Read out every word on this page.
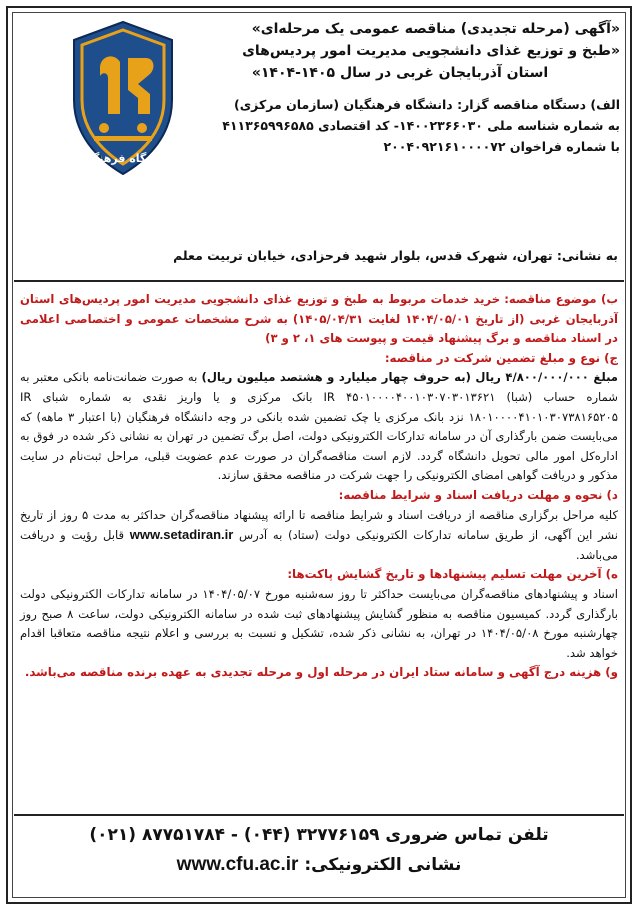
دانشگاه فرهنگیان
«آگهی (مرحله تجدیدی) مناقصه عمومی یک مرحله‌ای»
«طبخ و توزیع غذای دانشجویی مدیریت امور پردیس‌های
استان آذربایجان غربی در سال ۱۴۰۵-۱۴۰۴»
الف) دستگاه مناقصه گزار: دانشگاه فرهنگیان (سازمان مرکزی)
به شماره شناسه ملی ۱۴۰۰۲۳۶۶۰۳۰- کد اقتصادی ۴۱۱۳۶۵۹۹۶۵۸۵
با شماره فراخوان ۲۰۰۴۰۹۲۱۶۱۰۰۰۰۷۲
به نشانی: تهران، شهرک قدس، بلوار شهید فرحزادی، خیابان تربیت معلم

ب) موضوع مناقصه: خرید خدمات مربوط به طبخ و توزیع غذای دانشجویی مدیریت امور پردیس‌های استان آذربایجان غربی (از تاریخ ۱۴۰۴/۰۵/۰۱ لغایت ۱۴۰۵/۰۴/۳۱) به شرح مشخصات عمومی و اختصاصی اعلامی در اسناد مناقصه و برگ پیشنهاد قیمت و پیوست های ۱، ۲ و ۳)

ج) نوع و مبلغ تضمین شرکت در مناقصه:

مبلغ ۴/۸۰۰/۰۰۰/۰۰۰ ریال (به حروف چهار میلیارد و هشتصد میلیون ریال) به صورت ضمانت‌نامه بانکی معتبر به شماره حساب (شبا) IR ۴۵۰۱۰۰۰۰۴۰۰۱۰۳۰۷۰۳۰۱۳۶۲۱ بانک مرکزی و یا واریز نقدی به شماره شبای IR ۱۸۰۱۰۰۰۰۴۱۰۱۰۳۰۷۳۸۱۶۵۲۰۵ نزد بانک مرکزی یا چک تضمین شده بانکی در وجه دانشگاه فرهنگیان (با اعتبار ۳ ماهه) که می‌بایست ضمن بارگذاری آن در سامانه تدارکات الکترونیکی دولت، اصل برگ تضمین در تهران به نشانی ذکر شده در فوق به اداره‌کل امور مالی تحویل دانشگاه گردد. لازم است مناقصه‌گران در صورت عدم عضویت قبلی، مراحل ثبت‌نام در سایت مذکور و دریافت گواهی امضای الکترونیکی را جهت شرکت در مناقصه محقق سازند.

د) نحوه و مهلت دریافت اسناد و شرایط مناقصه:

کلیه مراحل برگزاری مناقصه از دریافت اسناد و شرایط مناقصه تا ارائه پیشنهاد مناقصه‌گران حداکثر به مدت ۵ روز از تاریخ نشر این آگهی، از طریق سامانه تدارکات الکترونیکی دولت (ستاد) به آدرس www.setadiran.ir قابل رؤیت و دریافت می‌باشد.

ه) آخرین مهلت تسلیم پیشنهادها و تاریخ گشایش پاکت‌ها:

اسناد و پیشنهادهای مناقصه‌گران می‌بایست حداکثر تا روز سه‌شنبه مورخ ۱۴۰۴/۰۵/۰۷ در سامانه تدارکات الکترونیکی دولت بارگذاری گردد. کمیسیون مناقصه به منظور گشایش پیشنهادهای ثبت شده در سامانه الکترونیکی دولت، ساعت ۸ صبح روز چهارشنبه مورخ ۱۴۰۴/۰۵/۰۸ در تهران، به نشانی ذکر شده، تشکیل و نسبت به بررسی و اعلام نتیجه مناقصه متعاقبا اقدام خواهد شد.

و) هزینه درج آگهی و سامانه ستاد ایران در مرحله اول و مرحله تجدیدی به عهده برنده مناقصه می‌باشد.

تلفن تماس ضروری ۳۲۷۷۶۱۵۹ (۰۴۴) - ۸۷۷۵۱۷۸۴ (۰۲۱)
نشانی الکترونیکی: www.cfu.ac.ir
